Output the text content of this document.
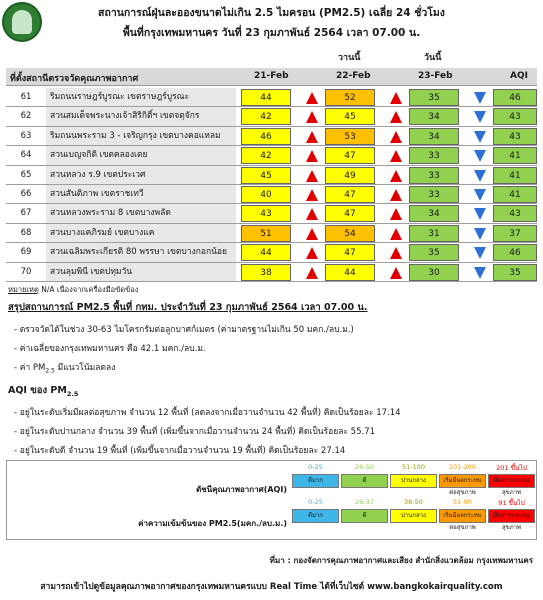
สถานการณ์ฝุ่นละอองขนาดไม่เกิน 2.5 ไมครอน (PM2.5) เฉลี่ย 24 ชั่วโมง
พื้นที่กรุงเทพมหานคร วันที่ 23 กุมภาพันธ์ 2564 เวลา 07.00 น.
วานนี้	วันนี้
ที่ตั้งสถานีตรวจวัดคุณภาพอากาศ	21-Feb	22-Feb	23-Feb	AQI
61	ริมถนนราษฎร์บูรณะ เขตราษฎร์บูรณะ	44	52	35	46
62	สวนสมเด็จพระนางเจ้าสิริกิติ์ฯ เขตจตุจักร	42	45	34	43
63	ริมถนนพระราม 3 - เจริญกรุง เขตบางคอแหลม	46	53	34	43
64	สวนเบญจกิติ เขตคลองเตย	42	47	33	41
65	สวนหลวง ร.9 เขตประเวศ	45	49	33	41
66	สวนสันติภาพ เขตราชเทวี	40	47	33	41
67	สวนหลวงพระราม 8 เขตบางพลัด	43	47	34	43
68	สวนบางแคภิรมย์ เขตบางแค	51	54	31	37
69	สวนเฉลิมพระเกียรติ 80 พรรษา เขตบางกอกน้อย	44	47	35	46
70	สวนลุมพินี เขตปทุมวัน	38	44	30	35
หมายเหตุ N/A เนื่องจากเครื่องมือขัดข้อง
สรุปสถานการณ์ PM2.5 พื้นที่ กทม. ประจำวันที่ 23 กุมภาพันธ์ 2564 เวลา 07.00 น.
- ตรวจวัดได้ในช่วง 30-63 ไมโครกรัมต่อลูกบาศก์เมตร (ค่ามาตรฐานไม่เกิน 50 มคก./ลบ.ม.)
- ค่าเฉลี่ยของกรุงเทพมหานคร คือ 42.1 มคก./ลบ.ม.
- ค่า $PM_{2.5}$ มีแนวโน้มลดลง
AQI ของ $PM_{2.5}$
- อยู่ในระดับเริ่มมีผลต่อสุขภาพ จำนวน 12 พื้นที่ (ลดลงจากเมื่อวานจำนวน 42 พื้นที่) คิดเป็นร้อยละ 17.14
- อยู่ในระดับปานกลาง จำนวน 39 พื้นที่ (เพิ่มขึ้นจากเมื่อวานจำนวน 24 พื้นที่) คิดเป็นร้อยละ 55.71
- อยู่ในระดับดี จำนวน 19 พื้นที่ (เพิ่มขึ้นจากเมื่อวานจำนวน 19 พื้นที่) คิดเป็นร้อยละ 27.14
ดัชนีคุณภาพอากาศ(AQI)
ค่าความเข้มข้นของ PM2.5(มคก./ลบ.ม.)
0-25
ดีมาก
0-25
ดีมาก
26-50
ดี
26-37
ดี
51-100
ปานกลาง
38-50
ปานกลาง
101-200
เริ่มมีผลกระทบต่อสุขภาพ
51-90
เริ่มมีผลกระทบต่อสุขภาพ
201 ขึ้นไป
มีผลกระทบต่อสุขภาพ
91 ขึ้นไป
มีผลกระทบต่อสุขภาพ
ที่มา : กองจัดการคุณภาพอากาศและเสียง สำนักสิ่งแวดล้อม กรุงเทพมหานคร
สามารถเข้าไปดูข้อมูลคุณภาพอากาศของกรุงเทพมหานครแบบ Real Time ได้ที่เว็บไซต์ www.bangkokairquality.com
